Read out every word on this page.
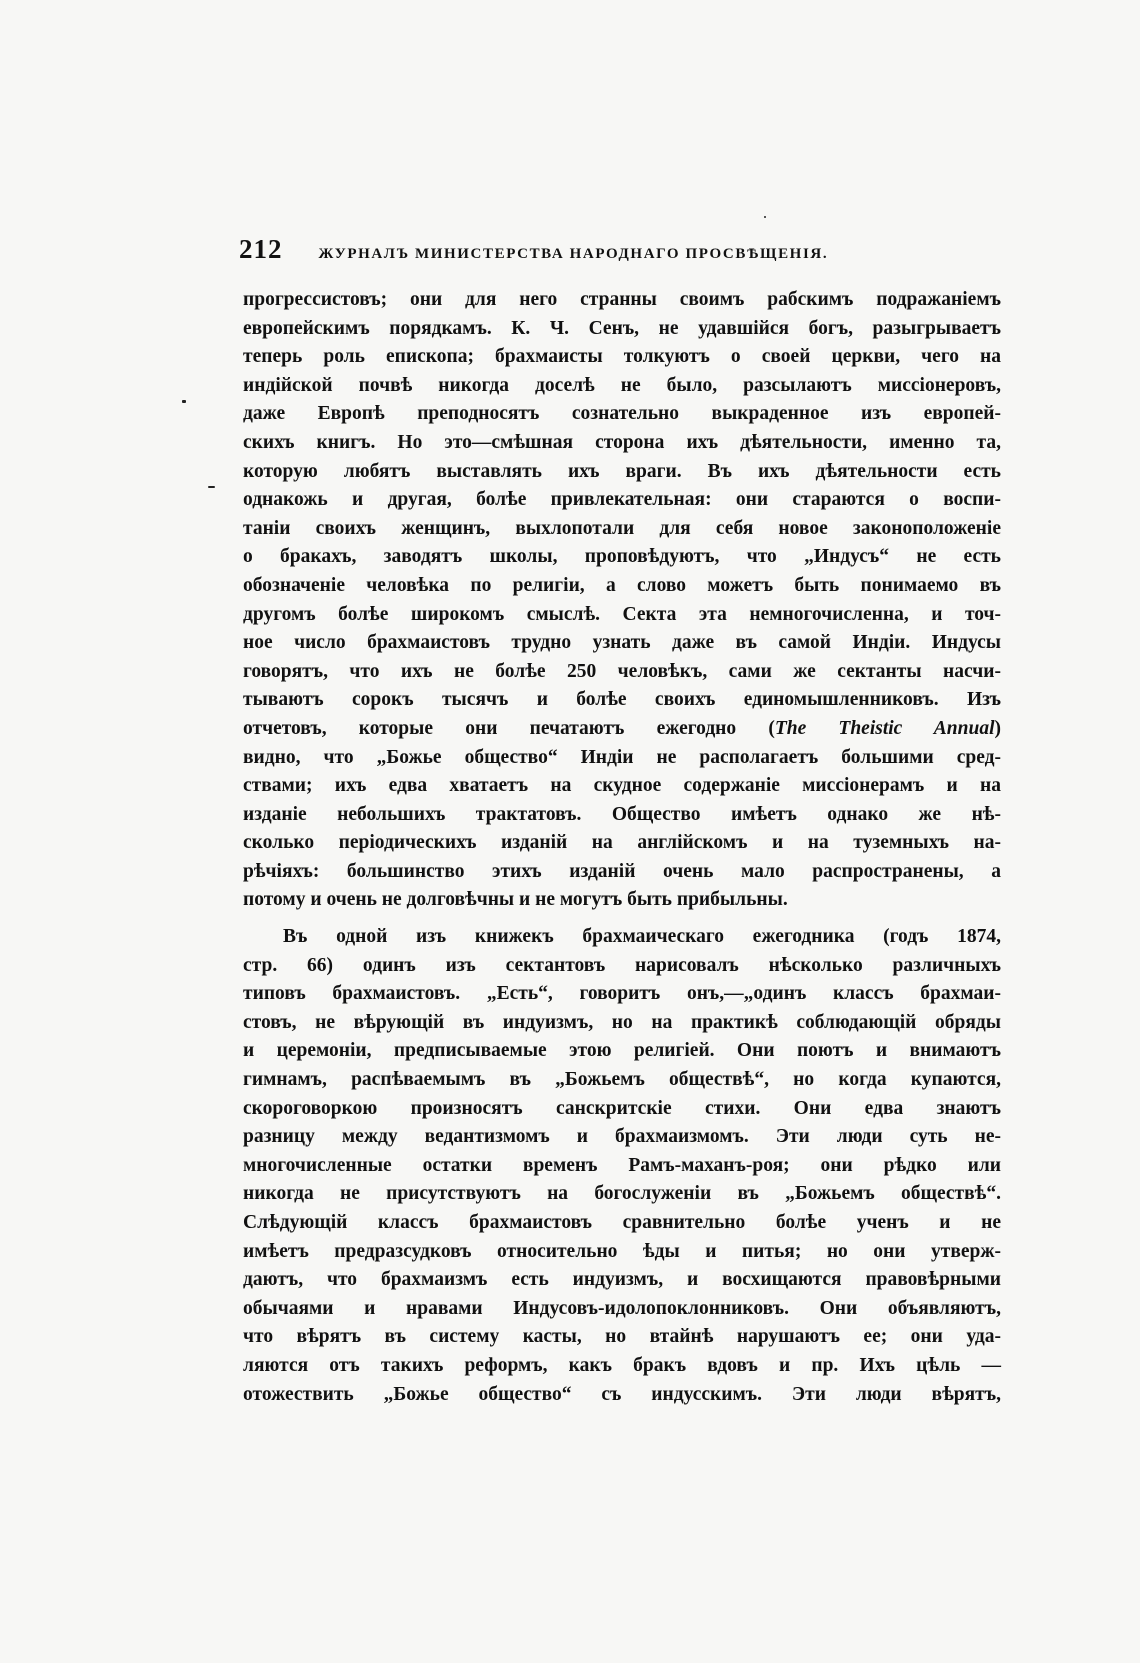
212 ЖУРНАЛЪ МИНИСТЕРСТВА НАРОДНАГО ПРОСВѢЩЕНІЯ.
прогрессистовъ; они для него странны своимъ рабскимъ подражаніемъ
европейскимъ порядкамъ. К. Ч. Сенъ, не удавшійся богъ, разыгрываетъ
теперь роль епископа; брахмаисты толкуютъ о своей церкви, чего на
индійской почвѣ никогда доселѣ не было, разсылаютъ миссіонеровъ,
даже Европѣ преподносятъ сознательно выкраденное изъ европей-
скихъ книгъ. Но это—смѣшная сторона ихъ дѣятельности, именно та,
которую любятъ выставлять ихъ враги. Въ ихъ дѣятельности есть
однакожь и другая, болѣе привлекательная: они стараются о воспи-
таніи своихъ женщинъ, выхлопотали для себя новое законоположеніе
о бракахъ, заводятъ школы, проповѣдуютъ, что „Индусъ“ не есть
обозначеніе человѣка по религіи, а слово можетъ быть понимаемо въ
другомъ болѣе широкомъ смыслѣ. Секта эта немногочисленна, и точ-
ное число брахмаистовъ трудно узнать даже въ самой Индіи. Индусы
говорятъ, что ихъ не болѣе 250 человѣкъ, сами же сектанты насчи-
тываютъ сорокъ тысячъ и болѣе своихъ единомышленниковъ. Изъ
отчетовъ, которые они печатаютъ ежегодно (The Theistic Annual)
видно, что „Божье общество“ Индіи не располагаетъ большими сред-
ствами; ихъ едва хватаетъ на скудное содержаніе миссіонерамъ и на
изданіе небольшихъ трактатовъ. Общество имѣетъ однако же нѣ-
сколько періодическихъ изданій на англійскомъ и на туземныхъ на-
рѣчіяхъ: большинство этихъ изданій очень мало распространены, а
потому и очень не долговѣчны и не могутъ быть прибыльны.
Въ одной изъ книжекъ брахмаическаго ежегодника (годъ 1874,
стр. 66) одинъ изъ сектантовъ нарисовалъ нѣсколько различныхъ
типовъ брахмаистовъ. „Есть“, говоритъ онъ,—„одинъ классъ брахмаи-
стовъ, не вѣрующій въ индуизмъ, но на практикѣ соблюдающій обряды
и церемоніи, предписываемые этою религіей. Они поютъ и внимаютъ
гимнамъ, распѣваемымъ въ „Божьемъ обществѣ“, но когда купаются,
скороговоркою произносятъ санскритскіе стихи. Они едва знаютъ
разницу между ведантизмомъ и брахмаизмомъ. Эти люди суть не-
многочисленные остатки временъ Рамъ-маханъ-роя; они рѣдко или
никогда не присутствуютъ на богослуженіи въ „Божьемъ обществѣ“.
Слѣдующій классъ брахмаистовъ сравнительно болѣе ученъ и не
имѣетъ предразсудковъ относительно ѣды и питья; но они утверж-
даютъ, что брахмаизмъ есть индуизмъ, и восхищаются правовѣрными
обычаями и нравами Индусовъ-идолопоклонниковъ. Они объявляютъ,
что вѣрятъ въ систему касты, но втайнѣ нарушаютъ ее; они уда-
ляются отъ такихъ реформъ, какъ бракъ вдовъ и пр. Ихъ цѣль —
отожествить „Божье общество“ съ индусскимъ. Эти люди вѣрятъ,
